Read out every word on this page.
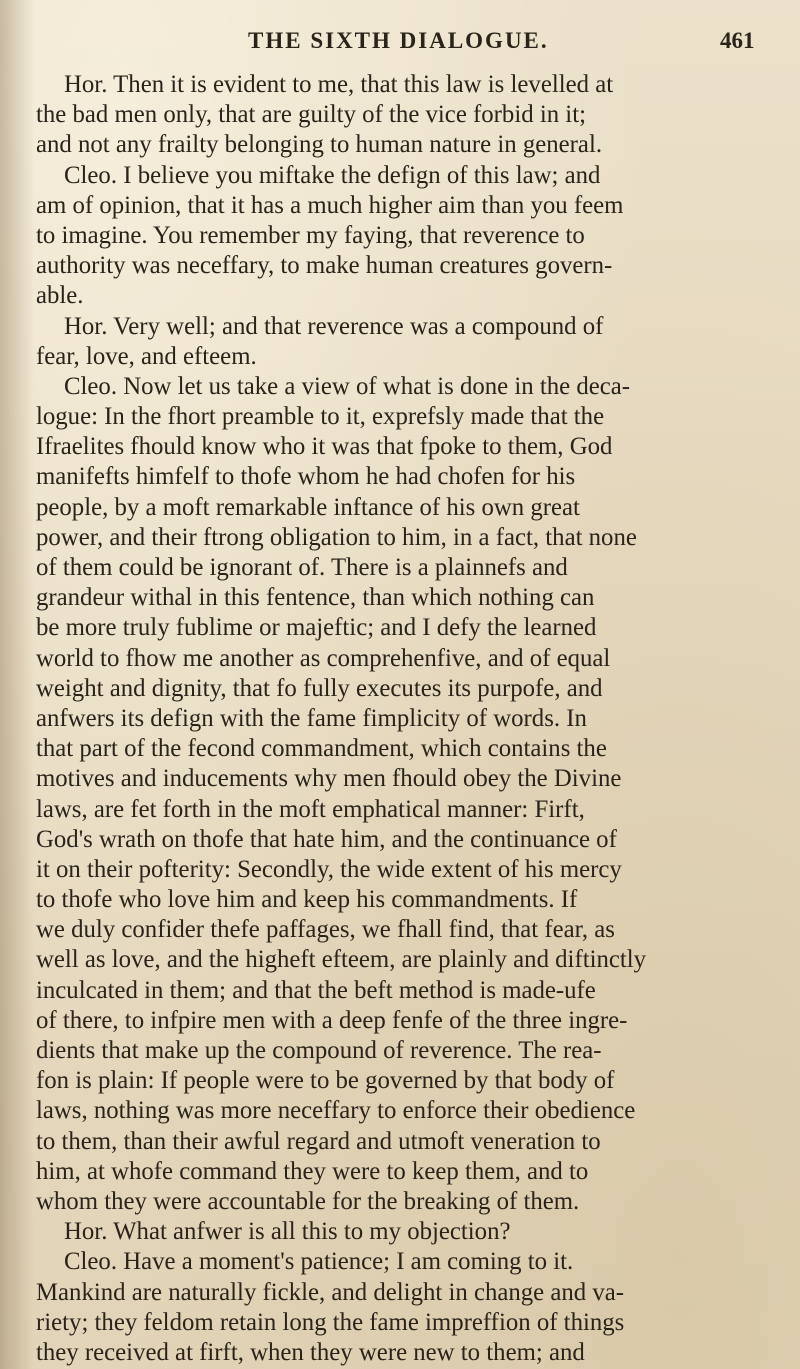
THE SIXTH DIALOGUE.	461
Hor. Then it is evident to me, that this law is levelled at
the bad men only, that are guilty of the vice forbid in it;
and not any frailty belonging to human nature in general.
Cleo. I believe you miftake the defign of this law; and
am of opinion, that it has a much higher aim than you feem
to imagine. You remember my faying, that reverence to
authority was neceffary, to make human creatures govern-
able.
Hor. Very well; and that reverence was a compound of
fear, love, and efteem.
Cleo. Now let us take a view of what is done in the deca-
logue: In the fhort preamble to it, exprefsly made that the
Ifraelites fhould know who it was that fpoke to them, God
manifefts himfelf to thofe whom he had chofen for his
people, by a moft remarkable inftance of his own great
power, and their ftrong obligation to him, in a fact, that none
of them could be ignorant of. There is a plainnefs and
grandeur withal in this fentence, than which nothing can
be more truly fublime or majeftic; and I defy the learned
world to fhow me another as comprehenfive, and of equal
weight and dignity, that fo fully executes its purpofe, and
anfwers its defign with the fame fimplicity of words. In
that part of the fecond commandment, which contains the
motives and inducements why men fhould obey the Divine
laws, are fet forth in the moft emphatical manner: Firft,
God's wrath on thofe that hate him, and the continuance of
it on their pofterity: Secondly, the wide extent of his mercy
to thofe who love him and keep his commandments. If
we duly confider thefe paffages, we fhall find, that fear, as
well as love, and the higheft efteem, are plainly and diftinctly
inculcated in them; and that the beft method is made-ufe
of there, to infpire men with a deep fenfe of the three ingre-
dients that make up the compound of reverence. The rea-
fon is plain: If people were to be governed by that body of
laws, nothing was more neceffary to enforce their obedience
to them, than their awful regard and utmoft veneration to
him, at whofe command they were to keep them, and to
whom they were accountable for the breaking of them.
Hor. What anfwer is all this to my objection?
Cleo. Have a moment's patience; I am coming to it.
Mankind are naturally fickle, and delight in change and va-
riety; they feldom retain long the fame impreffion of things
they received at firft, when they were new to them; and
